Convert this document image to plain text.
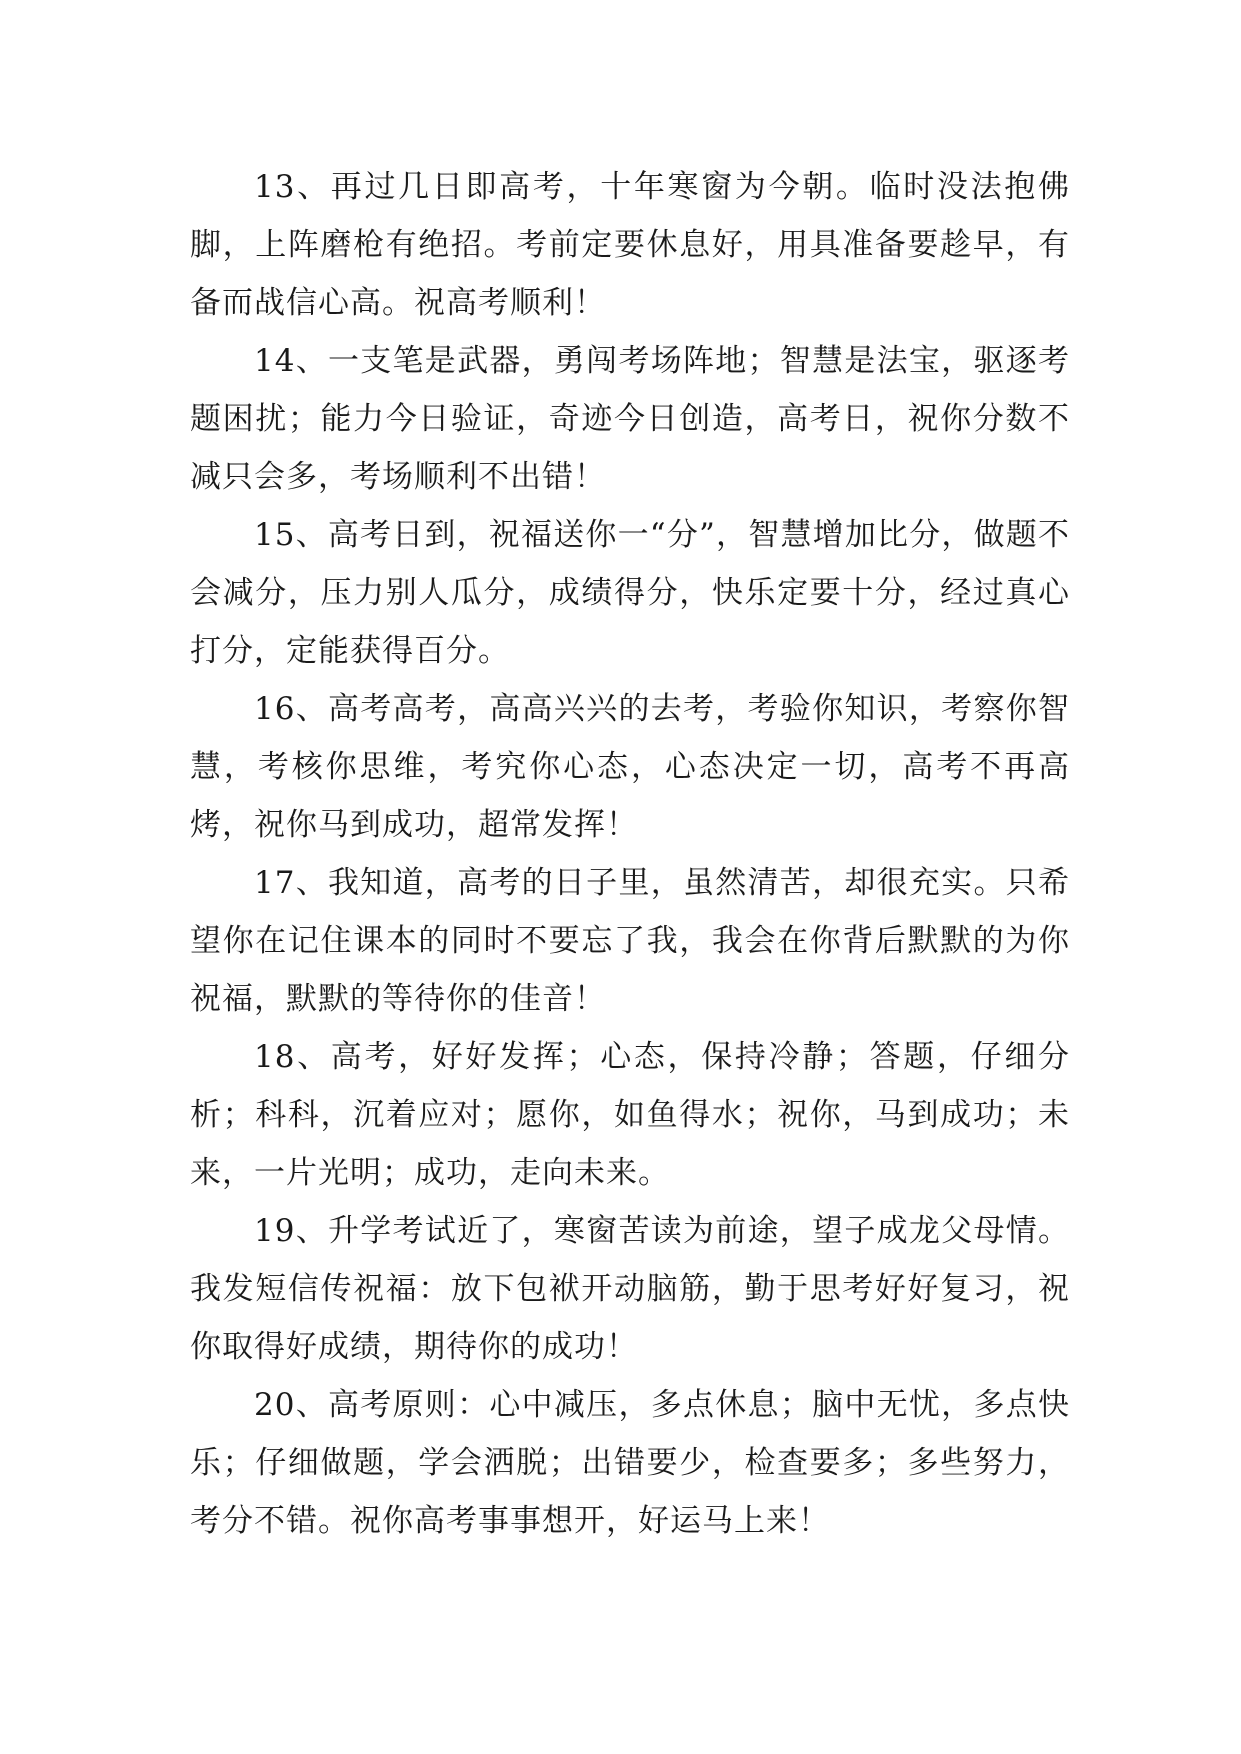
13、再过几日即高考，十年寒窗为今朝。临时没法抱佛脚，上阵磨枪有绝招。考前定要休息好，用具准备要趁早，有备而战信心高。祝高考顺利！

14、一支笔是武器，勇闯考场阵地；智慧是法宝，驱逐考题困扰；能力今日验证，奇迹今日创造，高考日，祝你分数不减只会多，考场顺利不出错！

15、高考日到，祝福送你一“分”，智慧增加比分，做题不会减分，压力别人瓜分，成绩得分，快乐定要十分，经过真心打分，定能获得百分。

16、高考高考，高高兴兴的去考，考验你知识，考察你智慧，考核你思维，考究你心态，心态决定一切，高考不再高烤，祝你马到成功，超常发挥！

17、我知道，高考的日子里，虽然清苦，却很充实。只希望你在记住课本的同时不要忘了我，我会在你背后默默的为你祝福，默默的等待你的佳音！

18、高考，好好发挥；心态，保持冷静；答题，仔细分析；科科，沉着应对；愿你，如鱼得水；祝你，马到成功；未来，一片光明；成功，走向未来。

19、升学考试近了，寒窗苦读为前途，望子成龙父母情。我发短信传祝福：放下包袱开动脑筋，勤于思考好好复习，祝你取得好成绩，期待你的成功！

20、高考原则：心中减压，多点休息；脑中无忧，多点快乐；仔细做题，学会洒脱；出错要少，检查要多；多些努力，考分不错。祝你高考事事想开，好运马上来！
